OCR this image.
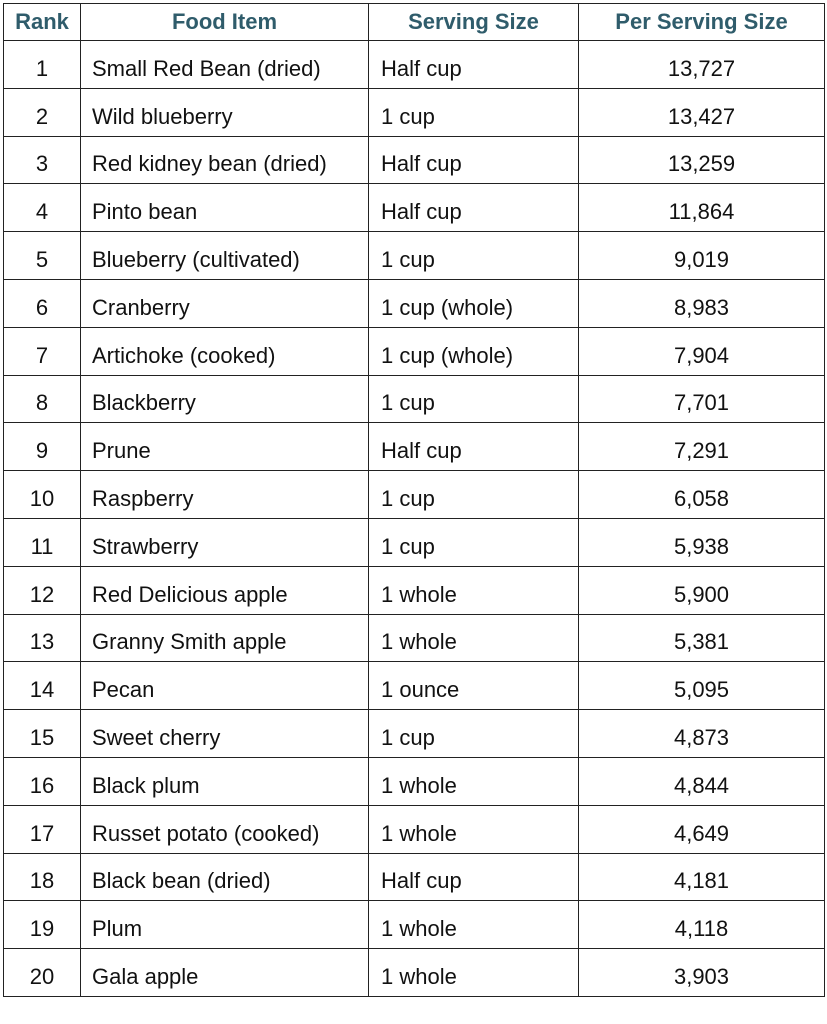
Rank	Food Item	Serving Size	Per Serving Size
1	Small Red Bean (dried)	Half cup	13,727
2	Wild blueberry	1 cup	13,427
3	Red kidney bean (dried)	Half cup	13,259
4	Pinto bean	Half cup	11,864
5	Blueberry (cultivated)	1 cup	9,019
6	Cranberry	1 cup (whole)	8,983
7	Artichoke (cooked)	1 cup (whole)	7,904
8	Blackberry	1 cup	7,701
9	Prune	Half cup	7,291
10	Raspberry	1 cup	6,058
11	Strawberry	1 cup	5,938
12	Red Delicious apple	1 whole	5,900
13	Granny Smith apple	1 whole	5,381
14	Pecan	1 ounce	5,095
15	Sweet cherry	1 cup	4,873
16	Black plum	1 whole	4,844
17	Russet potato (cooked)	1 whole	4,649
18	Black bean (dried)	Half cup	4,181
19	Plum	1 whole	4,118
20	Gala apple	1 whole	3,903
